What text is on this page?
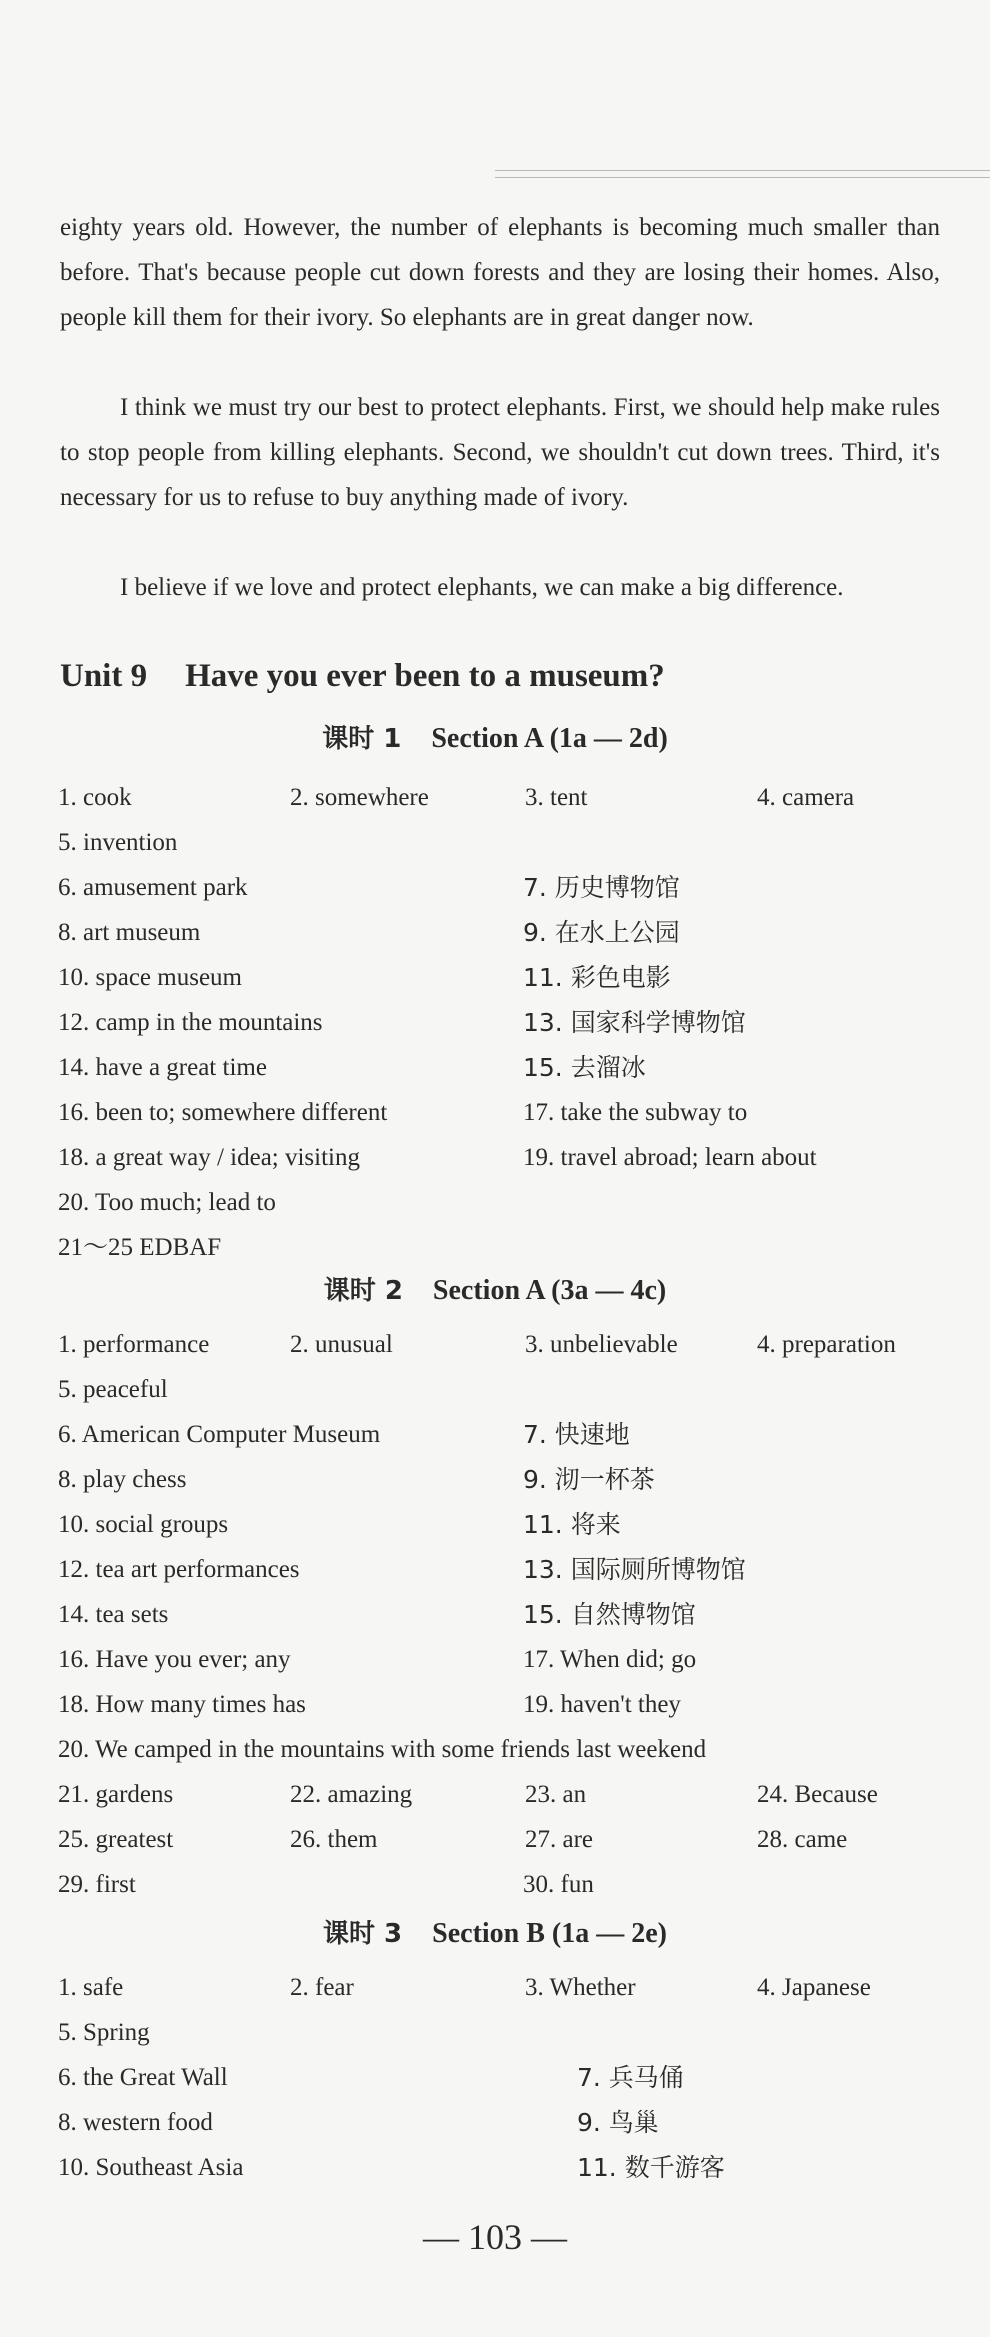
eighty years old. However, the number of elephants is becoming much smaller than before. That's because people cut down forests and they are losing their homes. Also, people kill them for their ivory. So elephants are in great danger now.

I think we must try our best to protect elephants. First, we should help make rules to stop people from killing elephants. Second, we shouldn't cut down trees. Third, it's necessary for us to refuse to buy anything made of ivory.

I believe if we love and protect elephants, we can make a big difference.

Unit 9 Have you ever been to a museum?
课时 1 Section A (1a — 2d)
1. cook	2. somewhere	3. tent	4. camera
5. invention
6. amusement park	7. 历史博物馆
8. art museum	9. 在水上公园
10. space museum	11. 彩色电影
12. camp in the mountains	13. 国家科学博物馆
14. have a great time	15. 去溜冰
16. been to; somewhere different	17. take the subway to
18. a great way / idea; visiting	19. travel abroad; learn about
20. Too much; lead to
21～25 EDBAF
课时 2 Section A (3a — 4c)
1. performance	2. unusual	3. unbelievable	4. preparation
5. peaceful
6. American Computer Museum	7. 快速地
8. play chess	9. 沏一杯茶
10. social groups	11. 将来
12. tea art performances	13. 国际厕所博物馆
14. tea sets	15. 自然博物馆
16. Have you ever; any	17. When did; go
18. How many times has	19. haven't they
20. We camped in the mountains with some friends last weekend
21. gardens	22. amazing	23. an	24. Because
25. greatest	26. them	27. are	28. came
29. first	30. fun
课时 3 Section B (1a — 2e)
1. safe	2. fear	3. Whether	4. Japanese
5. Spring
6. the Great Wall	7. 兵马俑
8. western food	9. 鸟巢
10. Southeast Asia	11. 数千游客

— 103 —
